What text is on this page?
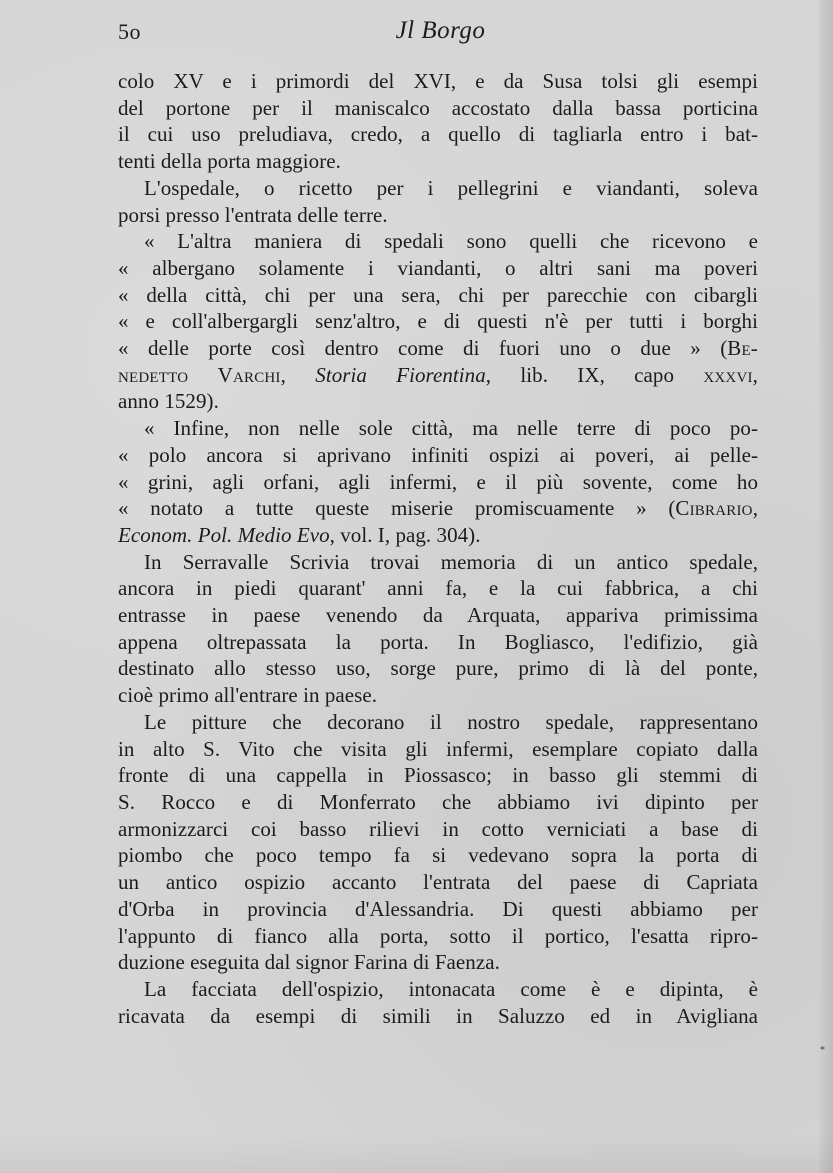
5o	Jl Borgo
colo XV e i primordi del XVI, e da Susa tolsi gli esempi
del portone per il maniscalco accostato dalla bassa porticina
il cui uso preludiava, credo, a quello di tagliarla entro i bat-
tenti della porta maggiore.
L'ospedale, o ricetto per i pellegrini e viandanti, soleva
porsi presso l'entrata delle terre.
« L'altra maniera di spedali sono quelli che ricevono e
« albergano solamente i viandanti, o altri sani ma poveri
« della città, chi per una sera, chi per parecchie con cibargli
« e coll'albergargli senz'altro, e di questi n'è per tutti i borghi
« delle porte così dentro come di fuori uno o due » (Be-
nedetto Varchi, Storia Fiorentina, lib. IX, capo xxxvi,
anno 1529).
« Infine, non nelle sole città, ma nelle terre di poco po-
« polo ancora si aprivano infiniti ospizi ai poveri, ai pelle-
« grini, agli orfani, agli infermi, e il più sovente, come ho
« notato a tutte queste miserie promiscuamente » (Cibrario,
Econom. Pol. Medio Evo, vol. I, pag. 304).
In Serravalle Scrivia trovai memoria di un antico spedale,
ancora in piedi quarant' anni fa, e la cui fabbrica, a chi
entrasse in paese venendo da Arquata, appariva primissima
appena oltrepassata la porta. In Bogliasco, l'edifizio, già
destinato allo stesso uso, sorge pure, primo di là del ponte,
cioè primo all'entrare in paese.
Le pitture che decorano il nostro spedale, rappresentano
in alto S. Vito che visita gli infermi, esemplare copiato dalla
fronte di una cappella in Piossasco; in basso gli stemmi di
S. Rocco e di Monferrato che abbiamo ivi dipinto per
armonizzarci coi basso rilievi in cotto verniciati a base di
piombo che poco tempo fa si vedevano sopra la porta di
un antico ospizio accanto l'entrata del paese di Capriata
d'Orba in provincia d'Alessandria. Di questi abbiamo per
l'appunto di fianco alla porta, sotto il portico, l'esatta ripro-
duzione eseguita dal signor Farina di Faenza.
La facciata dell'ospizio, intonacata come è e dipinta, è
ricavata da esempi di simili in Saluzzo ed in Avigliana
*
